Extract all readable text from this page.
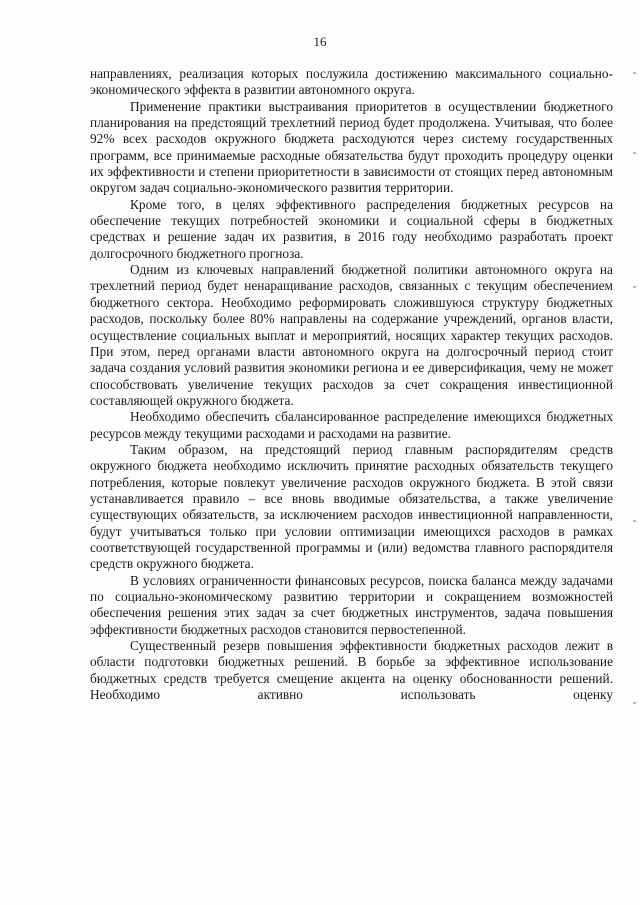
16

направлениях, реализация которых послужила достижению максимального социально-экономического эффекта в развитии автономного округа.

Применение практики выстраивания приоритетов в осуществлении бюджетного планирования на предстоящий трехлетний период будет продолжена. Учитывая, что более 92% всех расходов окружного бюджета расходуются через систему государственных программ, все принимаемые расходные обязательства будут проходить процедуру оценки их эффективности и степени приоритетности в зависимости от стоящих перед автономным округом задач социально-экономического развития территории.

Кроме того, в целях эффективного распределения бюджетных ресурсов на обеспечение текущих потребностей экономики и социальной сферы в бюджетных средствах и решение задач их развития, в 2016 году необходимо разработать проект долгосрочного бюджетного прогноза.

Одним из ключевых направлений бюджетной политики автономного округа на трехлетний период будет ненаращивание расходов, связанных с текущим обеспечением бюджетного сектора. Необходимо реформировать сложившуюся структуру бюджетных расходов, поскольку более 80% направлены на содержание учреждений, органов власти, осуществление социальных выплат и мероприятий, носящих характер текущих расходов. При этом, перед органами власти автономного округа на долгосрочный период стоит задача создания условий развития экономики региона и ее диверсификация, чему не может способствовать увеличение текущих расходов за счет сокращения инвестиционной составляющей окружного бюджета.

Необходимо обеспечить сбалансированное распределение имеющихся бюджетных ресурсов между текущими расходами и расходами на развитие.

Таким образом, на предстоящий период главным распорядителям средств окружного бюджета необходимо исключить принятие расходных обязательств текущего потребления, которые повлекут увеличение расходов окружного бюджета. В этой связи устанавливается правило – все вновь вводимые обязательства, а также увеличение существующих обязательств, за исключением расходов инвестиционной направленности, будут учитываться только при условии оптимизации имеющихся расходов в рамках соответствующей государственной программы и (или) ведомства главного распорядителя средств окружного бюджета.

В условиях ограниченности финансовых ресурсов, поиска баланса между задачами по социально-экономическому развитию территории и сокращением возможностей обеспечения решения этих задач за счет бюджетных инструментов, задача повышения эффективности бюджетных расходов становится первостепенной.

Существенный резерв повышения эффективности бюджетных расходов лежит в области подготовки бюджетных решений. В борьбе за эффективное использование бюджетных средств требуется смещение акцента на оценку обоснованности решений. Необходимо активно использовать оценку
